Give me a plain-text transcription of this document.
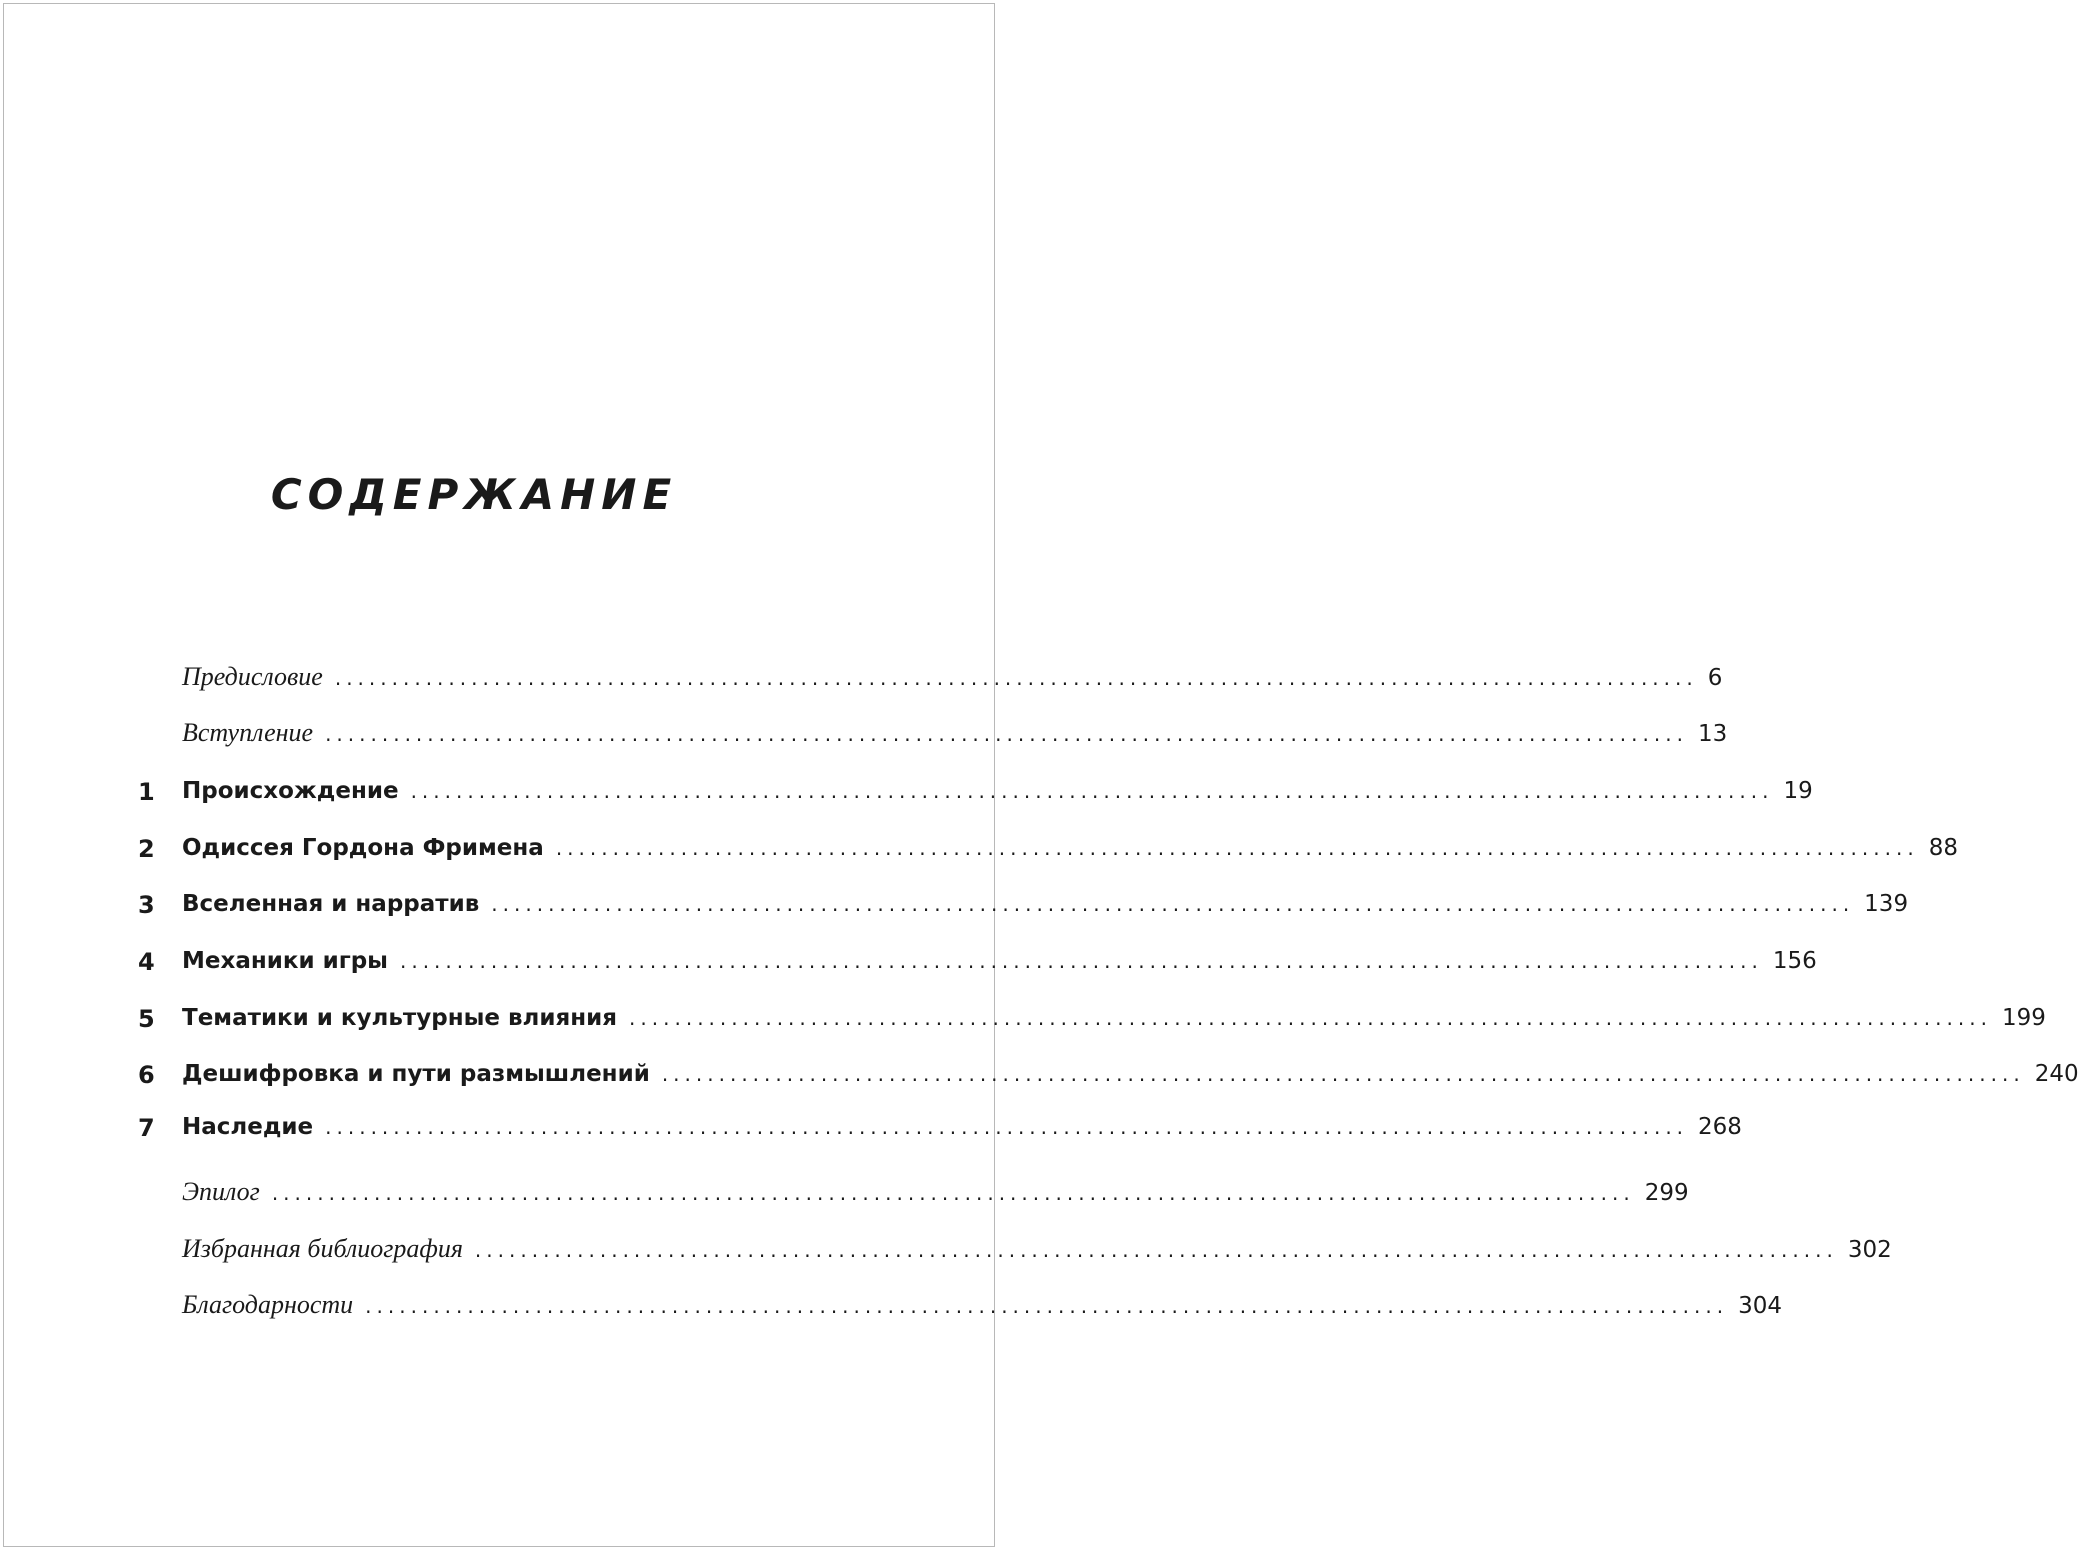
СОДЕРЖАНИЕ
Предисловие ........................................................................................................................ 6
Вступление ........................................................................................................................ 13
1 Происхождение ........................................................................................................................ 19
2 Одиссея Гордона Фримена ........................................................................................................................ 88
3 Вселенная и нарратив ........................................................................................................................ 139
4 Механики игры ........................................................................................................................ 156
5 Тематики и культурные влияния ........................................................................................................................ 199
6 Дешифровка и пути размышлений ........................................................................................................................ 240
7 Наследие ........................................................................................................................ 268
Эпилог ........................................................................................................................ 299
Избранная библиография ........................................................................................................................ 302
Благодарности ........................................................................................................................ 304
